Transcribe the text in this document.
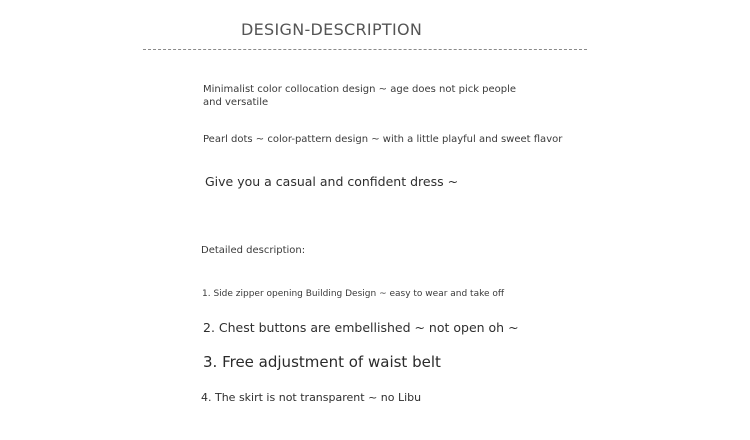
DESIGN-DESCRIPTION
Minimalist color collocation design ~ age does not pick people and versatile
Pearl dots ~ color-pattern design ~ with a little playful and sweet flavor
Give you a casual and confident dress ~
Detailed description:
1. Side zipper opening Building Design ~ easy to wear and take off
2. Chest buttons are embellished ~ not open oh ~
3. Free adjustment of waist belt
4. The skirt is not transparent ~ no Libu
